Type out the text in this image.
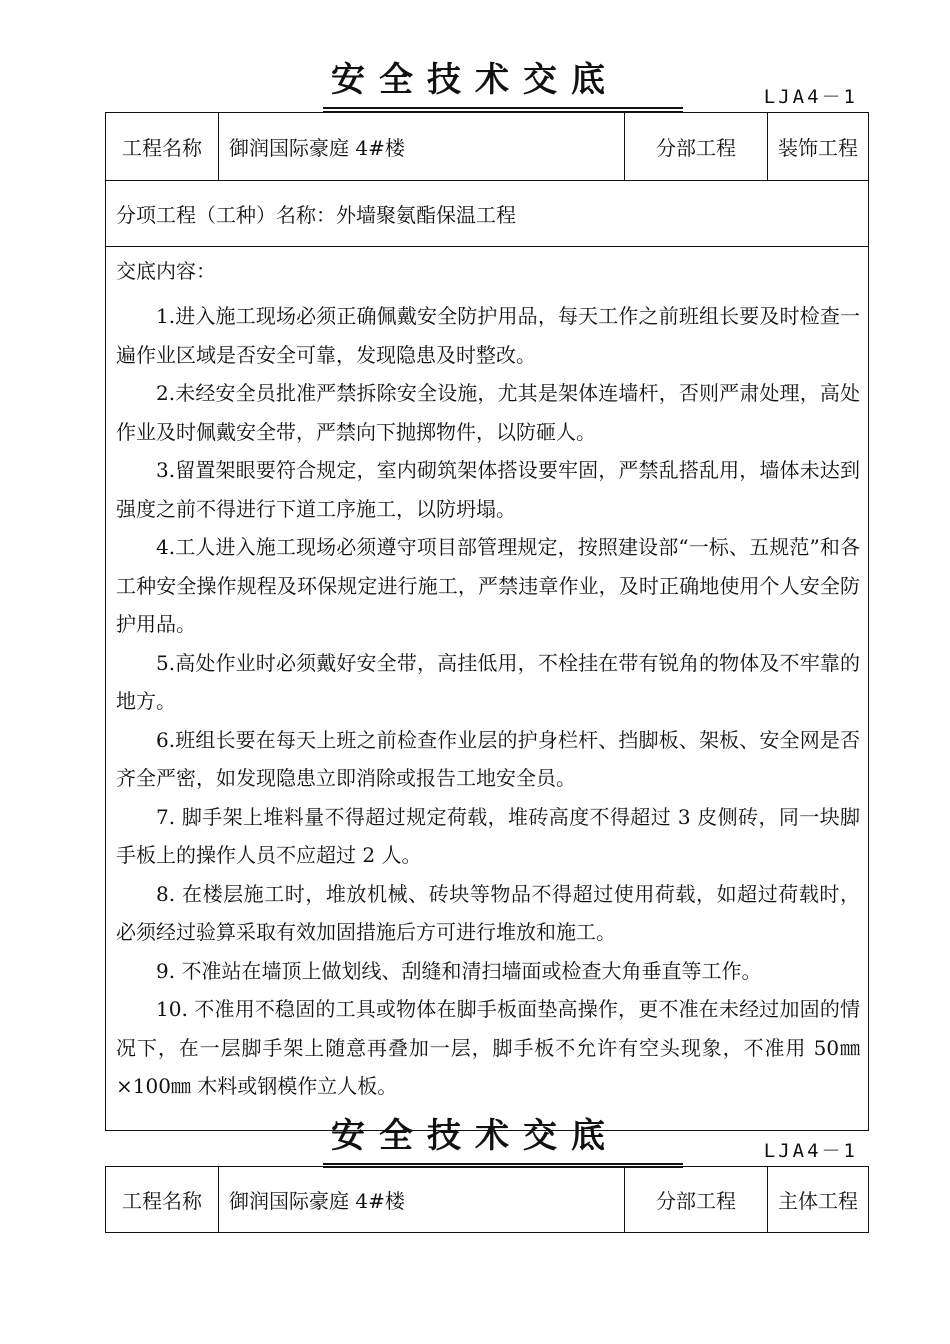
安全技术交底	LJA4－1
工程名称	御润国际豪庭 4#楼	分部工程	装饰工程
分项工程（工种）名称：外墙聚氨酯保温工程
交底内容：

1.进入施工现场必须正确佩戴安全防护用品，每天工作之前班组长要及时检查一遍作业区域是否安全可靠，发现隐患及时整改。

2.未经安全员批准严禁拆除安全设施，尤其是架体连墙杆，否则严肃处理，高处作业及时佩戴安全带，严禁向下抛掷物件，以防砸人。

3.留置架眼要符合规定，室内砌筑架体搭设要牢固，严禁乱搭乱用，墙体未达到强度之前不得进行下道工序施工，以防坍塌。

4.工人进入施工现场必须遵守项目部管理规定，按照建设部“一标、五规范”和各工种安全操作规程及环保规定进行施工，严禁违章作业，及时正确地使用个人安全防护用品。

5.高处作业时必须戴好安全带，高挂低用，不栓挂在带有锐角的物体及不牢靠的地方。

6.班组长要在每天上班之前检查作业层的护身栏杆、挡脚板、架板、安全网是否齐全严密，如发现隐患立即消除或报告工地安全员。

7. 脚手架上堆料量不得超过规定荷载，堆砖高度不得超过 3 皮侧砖，同一块脚手板上的操作人员不应超过 2 人。

8. 在楼层施工时，堆放机械、砖块等物品不得超过使用荷载，如超过荷载时，必须经过验算采取有效加固措施后方可进行堆放和施工。

9. 不准站在墙顶上做划线、刮缝和清扫墙面或检查大角垂直等工作。

10. 不准用不稳固的工具或物体在脚手板面垫高操作，更不准在未经过加固的情况下，在一层脚手架上随意再叠加一层，脚手板不允许有空头现象，不准用 50㎜×100㎜ 木料或钢模作立人板。

安全技术交底	LJA4－1
工程名称	御润国际豪庭 4#楼	分部工程	主体工程
